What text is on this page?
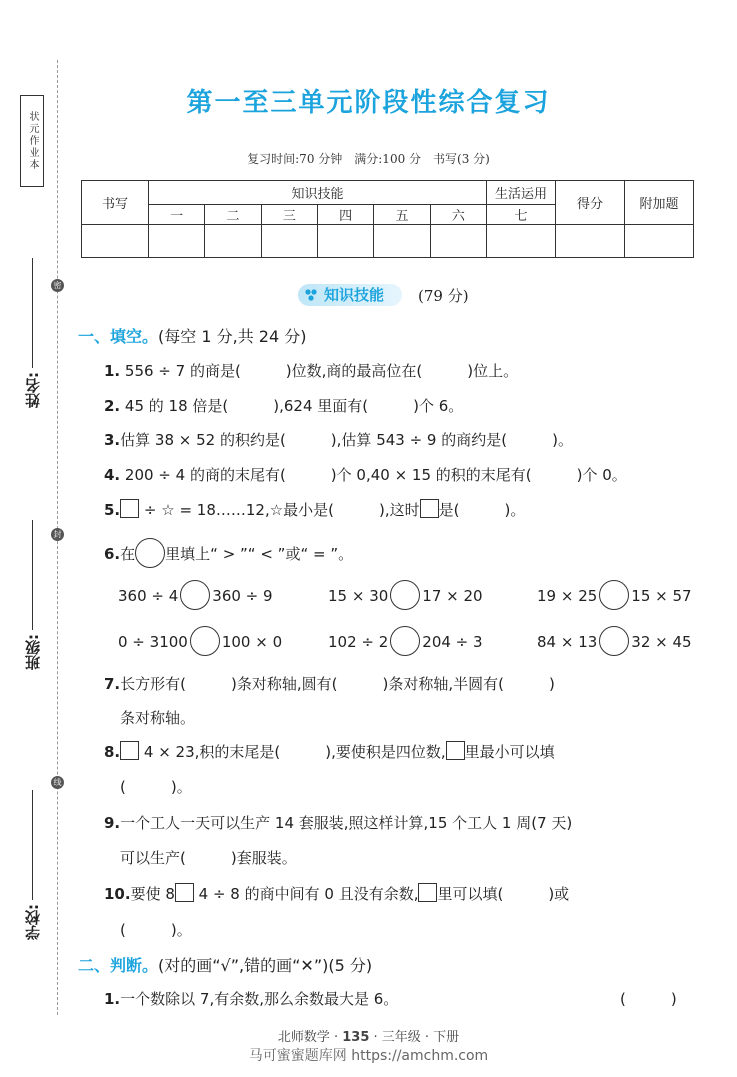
状元作业本
密
封
线
姓名:
班级:
学校:
第一至三单元阶段性综合复习
复习时间:70 分钟　满分:100 分　书写(3 分)
书写	知识技能						生活运用	得分	附加题
	一	二	三	四	五	六	七		

知识技能	(79 分)
一、填空。(每空 1 分,共 24 分)
1. 556 ÷ 7 的商是(　　　)位数,商的最高位在(　　　)位上。
2. 45 的 18 倍是(　　　),624 里面有(　　　)个 6。
3.估算 38 × 52 的积约是(　　　),估算 543 ÷ 9 的商约是(　　　)。
4. 200 ÷ 4 的商的末尾有(　　　)个 0,40 × 15 的积的末尾有(　　　)个 0。
5. ÷ ☆ = 18……12,☆最小是(　　　),这时 是(　　　)。
6.在 里填上“ > ”“ < ”或“ = ”。
360 ÷ 4 360 ÷ 9	15 × 30 17 × 20	19 × 25 15 × 57
0 ÷ 3100 100 × 0	102 ÷ 2 204 ÷ 3	84 × 13 32 × 45
7.长方形有(　　　)条对称轴,圆有(　　　)条对称轴,半圆有(　　　)
条对称轴。
8. 4 × 23,积的末尾是(　　　),要使积是四位数, 里最小可以填
(　　　)。
9.一个工人一天可以生产 14 套服装,照这样计算,15 个工人 1 周(7 天)
可以生产(　　　)套服装。
10.要使 8 4 ÷ 8 的商中间有 0 且没有余数, 里可以填(　　　)或
(　　　)。
二、判断。(对的画“√”,错的画“✕”)(5 分)
1.一个数除以 7,有余数,那么余数最大是 6。	(　　　)
北师数学 · 135 · 三年级 · 下册
马可蜜蜜题库网 https://amchm.com
